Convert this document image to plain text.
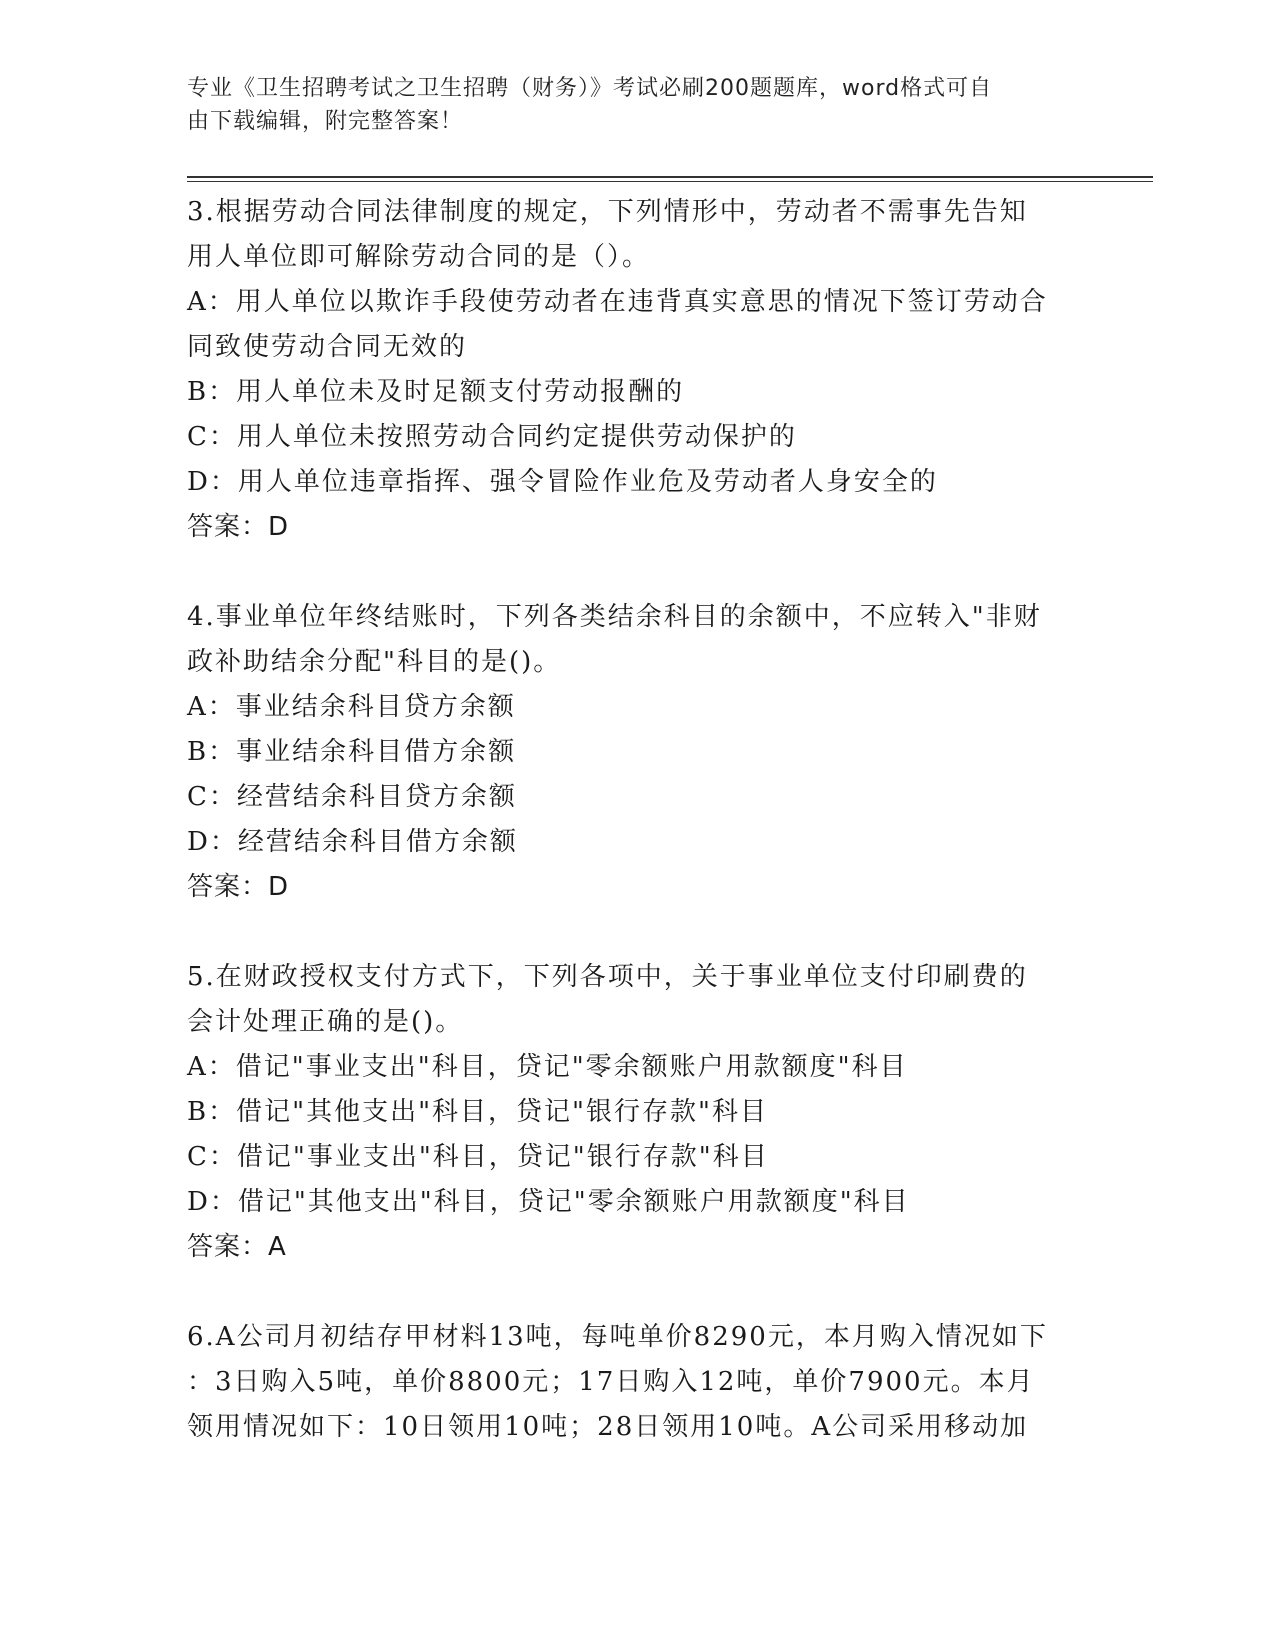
专业《卫生招聘考试之卫生招聘（财务）》考试必刷200题题库，word格式可自
由下载编辑，附完整答案！
3.根据劳动合同法律制度的规定，下列情形中，劳动者不需事先告知
用人单位即可解除劳动合同的是（）。
A：用人单位以欺诈手段使劳动者在违背真实意思的情况下签订劳动合
同致使劳动合同无效的
B：用人单位未及时足额支付劳动报酬的
C：用人单位未按照劳动合同约定提供劳动保护的
D：用人单位违章指挥、强令冒险作业危及劳动者人身安全的
答案：D
4.事业单位年终结账时，下列各类结余科目的余额中，不应转入"非财
政补助结余分配"科目的是()。
A：事业结余科目贷方余额
B：事业结余科目借方余额
C：经营结余科目贷方余额
D：经营结余科目借方余额
答案：D
5.在财政授权支付方式下，下列各项中，关于事业单位支付印刷费的
会计处理正确的是()。
A：借记"事业支出"科目，贷记"零余额账户用款额度"科目
B：借记"其他支出"科目，贷记"银行存款"科目
C：借记"事业支出"科目，贷记"银行存款"科目
D：借记"其他支出"科目，贷记"零余额账户用款额度"科目
答案：A
6.A公司月初结存甲材料13吨，每吨单价8290元，本月购入情况如下
：3日购入5吨，单价8800元；17日购入12吨，单价7900元。本月
领用情况如下：10日领用10吨；28日领用10吨。A公司采用移动加
